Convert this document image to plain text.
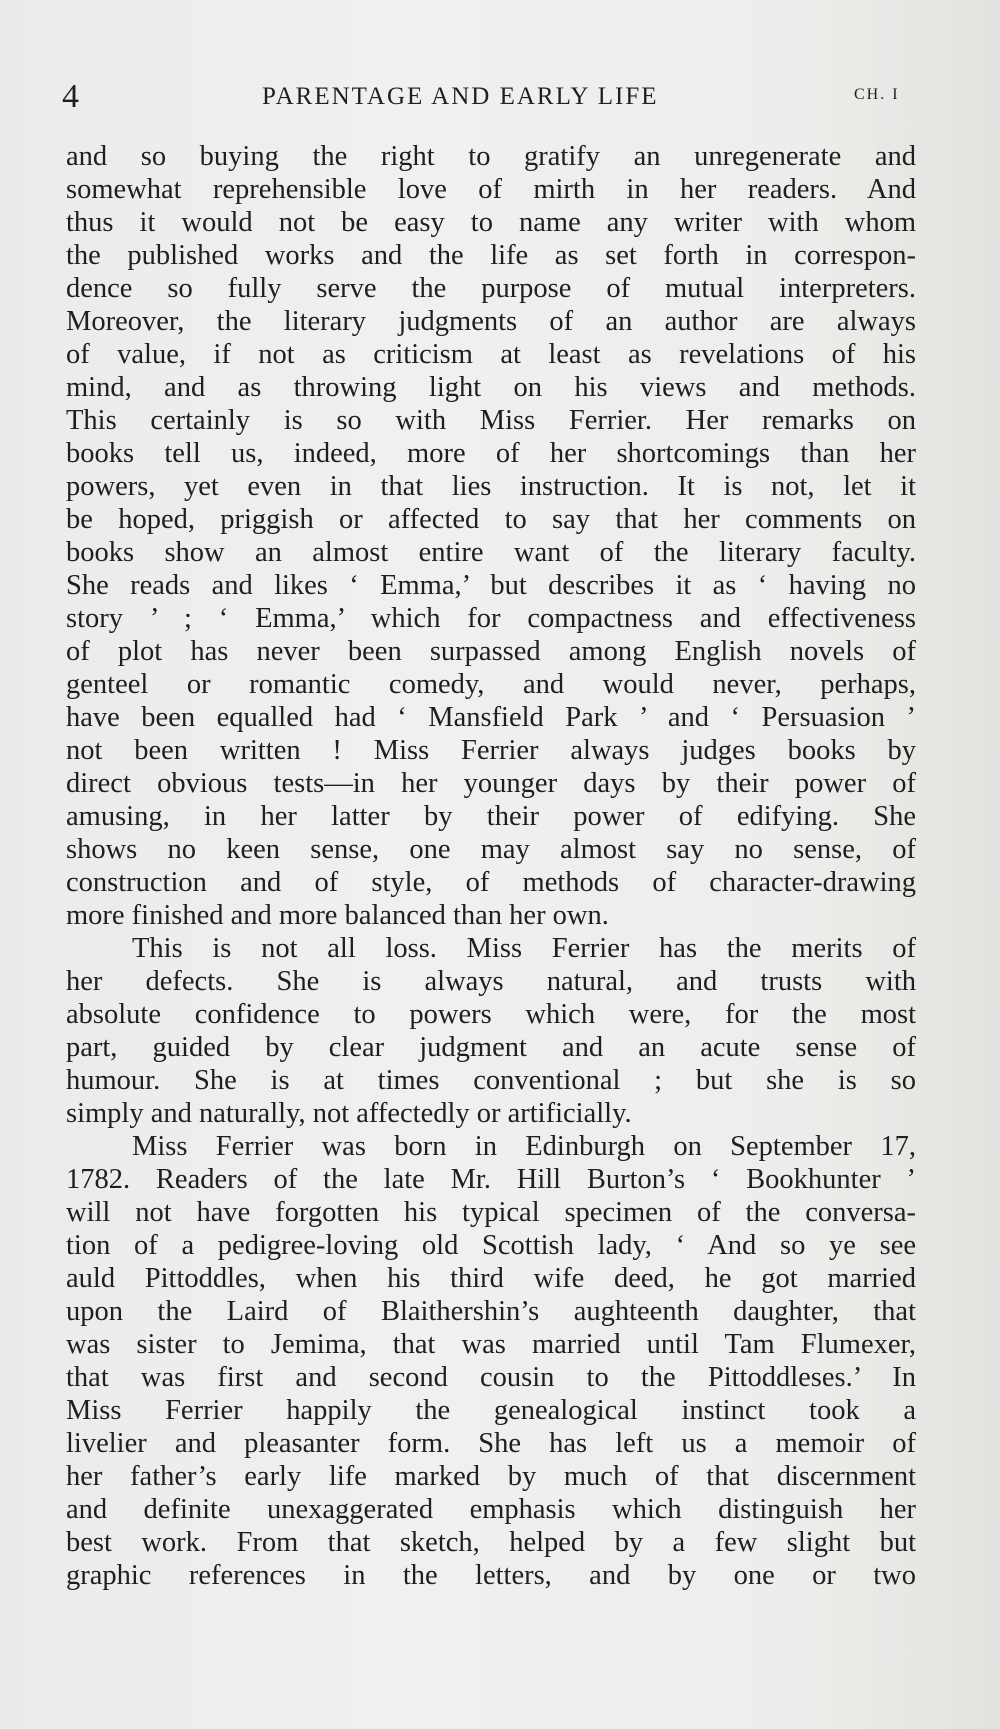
4	PARENTAGE AND EARLY LIFE	CH. I

and so buying the right to gratify an unregenerate and
somewhat reprehensible love of mirth in her readers. And
thus it would not be easy to name any writer with whom
the published works and the life as set forth in correspon-
dence so fully serve the purpose of mutual interpreters.
Moreover, the literary judgments of an author are always
of value, if not as criticism at least as revelations of his
mind, and as throwing light on his views and methods.
This certainly is so with Miss Ferrier. Her remarks on
books tell us, indeed, more of her shortcomings than her
powers, yet even in that lies instruction. It is not, let it
be hoped, priggish or affected to say that her comments on
books show an almost entire want of the literary faculty.
She reads and likes ‘ Emma,’ but describes it as ‘ having no
story ’ ; ‘ Emma,’ which for compactness and effectiveness
of plot has never been surpassed among English novels of
genteel or romantic comedy, and would never, perhaps,
have been equalled had ‘ Mansfield Park ’ and ‘ Persuasion ’
not been written ! Miss Ferrier always judges books by
direct obvious tests—in her younger days by their power of
amusing, in her latter by their power of edifying. She
shows no keen sense, one may almost say no sense, of
construction and of style, of methods of character-drawing
more finished and more balanced than her own.

This is not all loss. Miss Ferrier has the merits of
her defects. She is always natural, and trusts with
absolute confidence to powers which were, for the most
part, guided by clear judgment and an acute sense of
humour. She is at times conventional ; but she is so
simply and naturally, not affectedly or artificially.

Miss Ferrier was born in Edinburgh on September 17,
1782. Readers of the late Mr. Hill Burton’s ‘ Bookhunter ’
will not have forgotten his typical specimen of the conversa-
tion of a pedigree-loving old Scottish lady, ‘ And so ye see
auld Pittoddles, when his third wife deed, he got married
upon the Laird of Blaithershin’s aughteenth daughter, that
was sister to Jemima, that was married until Tam Flumexer,
that was first and second cousin to the Pittoddleses.’ In
Miss Ferrier happily the genealogical instinct took a
livelier and pleasanter form. She has left us a memoir of
her father’s early life marked by much of that discernment
and definite unexaggerated emphasis which distinguish her
best work. From that sketch, helped by a few slight but
graphic references in the letters, and by one or two
